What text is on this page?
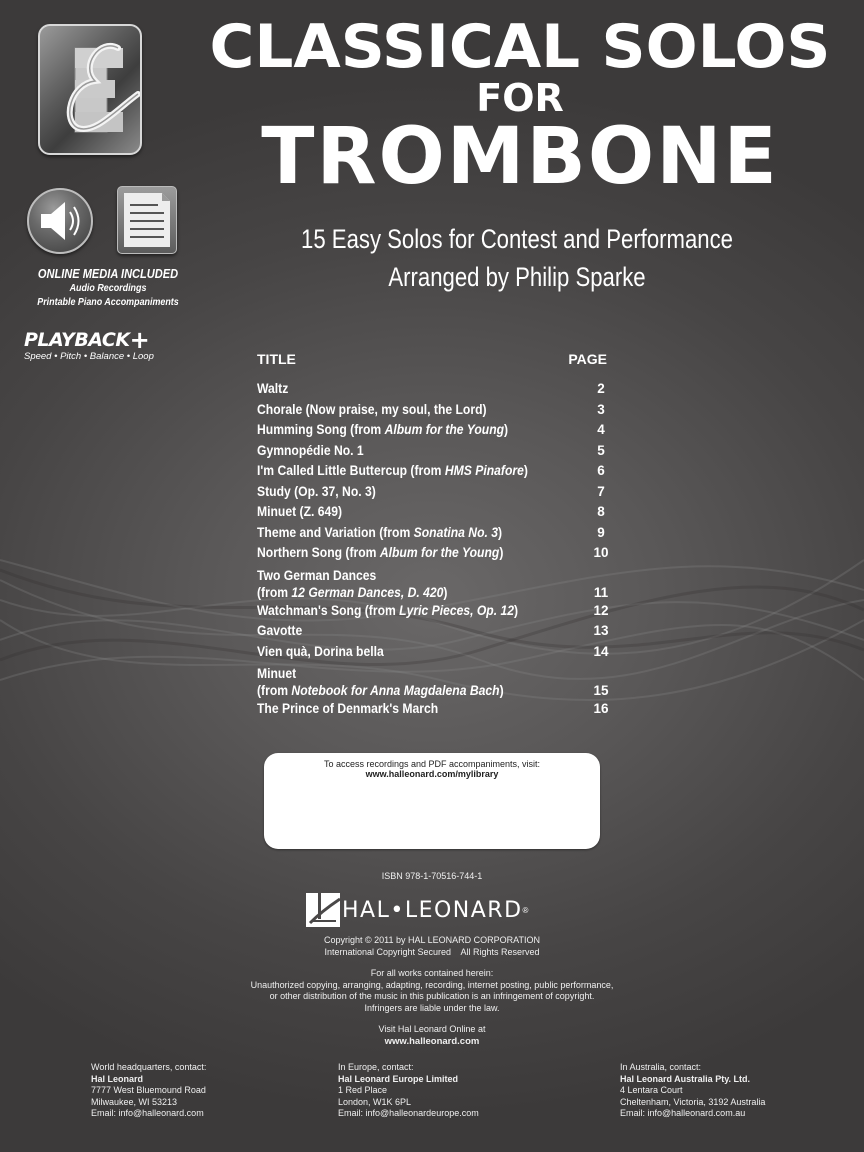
ONLINE MEDIA INCLUDED
Audio Recordings
Printable Piano Accompaniments
PLAYBACK+
Speed • Pitch • Balance • Loop
CLASSICAL SOLOS
FOR
TROMBONE
15 Easy Solos for Contest and Performance
Arranged by Philip Sparke
TITLE	PAGE
Waltz	2
Chorale (Now praise, my soul, the Lord)	3
Humming Song (from Album for the Young)	4
Gymnopédie No. 1	5
I'm Called Little Buttercup (from HMS Pinafore)	6
Study (Op. 37, No. 3)	7
Minuet (Z. 649)	8
Theme and Variation (from Sonatina No. 3)	9
Northern Song (from Album for the Young)	10
Two German Dances
(from 12 German Dances, D. 420)	11
Watchman's Song (from Lyric Pieces, Op. 12)	12
Gavotte	13
Vien quà, Dorina bella	14
Minuet
(from Notebook for Anna Magdalena Bach)	15
The Prince of Denmark's March	16
To access recordings and PDF accompaniments, visit:
www.halleonard.com/mylibrary
ISBN 978-1-70516-744-1
HAL•LEONARD ®
Copyright © 2011 by HAL LEONARD CORPORATION
International Copyright Secured    All Rights Reserved
For all works contained herein:
Unauthorized copying, arranging, adapting, recording, internet posting, public performance,
or other distribution of the music in this publication is an infringement of copyright.
Infringers are liable under the law.
Visit Hal Leonard Online at
www.halleonard.com
World headquarters, contact:
Hal Leonard
7777 West Bluemound Road
Milwaukee, WI 53213
Email: info@halleonard.com
In Europe, contact:
Hal Leonard Europe Limited
1 Red Place
London, W1K 6PL
Email: info@halleonardeurope.com
In Australia, contact:
Hal Leonard Australia Pty. Ltd.
4 Lentara Court
Cheltenham, Victoria, 3192 Australia
Email: info@halleonard.com.au
